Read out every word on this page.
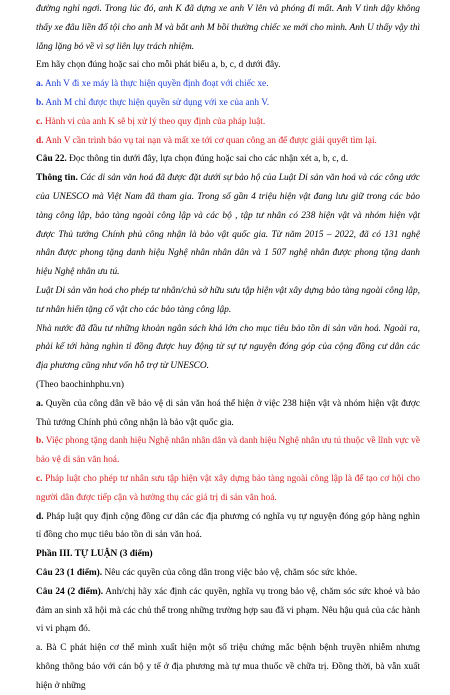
đường nghỉ ngơi. Trong lúc đó, anh K đã dựng xe anh V lên và phóng đi mất. Anh V tình dậy không thấy xe đâu liền đổ tội cho anh M và bắt anh M bồi thường chiếc xe mới cho mình. Anh U thấy vậy thì lẳng lặng bỏ về vì sợ liên lụy trách nhiệm.

Em hãy chọn đúng hoặc sai cho mỗi phát biểu a, b, c, d dưới đây.

a. Anh V đi xe máy là thực hiện quyền định đoạt với chiếc xe.

b. Anh M chỉ được thực hiện quyền sử dụng với xe của anh V.

c. Hành vi của anh K sẽ bị xử lý theo quy định của pháp luật.

d. Anh V cần trình báo vụ tai nạn và mất xe tới cơ quan công an để được giải quyết tìm lại.

Câu 22. Đọc thông tin dưới đây, lựa chọn đúng hoặc sai cho các nhận xét a, b, c, d.

Thông tin. Các di sản văn hoá đã được đặt dưới sự bảo hộ của Luật Di sản văn hoá và các công ước của UNESCO mà Việt Nam đã tham gia. Trong số gần 4 triệu hiện vật đang lưu giữ trong các bảo tàng công lập, bảo tàng ngoài công lập và các bộ , tập tư nhân có 238 hiện vật và nhóm hiện vật được Thủ tướng Chính phủ công nhận là bảo vật quốc gia. Từ năm 2015 – 2022, đã có 131 nghệ nhân được phong tặng danh hiệu Nghệ nhân nhân dân và 1 507 nghệ nhân được phong tặng danh hiệu Nghệ nhân ưu tú.

Luật Di sản văn hoá cho phép tư nhân/chủ sở hữu sưu tập hiện vật xây dựng bảo tàng ngoài công lập, tư nhân hiến tặng cổ vật cho các bảo tàng công lập.

Nhà nước đã đầu tư những khoản ngân sách khá lớn cho mục tiêu bảo tồn di sản văn hoá. Ngoài ra, phải kể tới hàng nghìn tỉ đồng được huy động từ sự tự nguyện đóng góp của cộng đồng cư dân các địa phương cũng như vốn hỗ trợ từ UNESCO.

(Theo baochinhphu.vn)

a. Quyền của công dân về bảo vệ di sản văn hoá thể hiện ở việc 238 hiện vật và nhóm hiện vật được Thủ tướng Chính phủ công nhận là bảo vật quốc gia.

b. Việc phong tặng danh hiệu Nghệ nhân nhân dân và danh hiệu Nghệ nhân ưu tú thuộc về lĩnh vực về bảo vệ di sản văn hoá.

c. Pháp luật cho phép tư nhân sưu tập hiện vật xây dựng bảo tàng ngoài công lập là để tạo cơ hội cho người dân được tiếp cận và hưởng thụ các giá trị di sản văn hoá.

d. Pháp luật quy định cộng đồng cư dân các địa phương có nghĩa vụ tự nguyện đóng góp hàng nghìn tỉ đồng cho mục tiêu bảo tồn di sản văn hoá.

Phần III. TỰ LUẬN (3 điểm)

Câu 23 (1 điểm). Nêu các quyền của công dân trong việc bảo vệ, chăm sóc sức khỏe.

Câu 24 (2 điểm). Anh/chị hãy xác định các quyền, nghĩa vụ trong bảo vệ, chăm sóc sức khoẻ và bảo đảm an sinh xã hội mà các chủ thể trong những trường hợp sau đã vi phạm. Nêu hậu quả của các hành vi vi phạm đó.

a. Bà C phát hiện cơ thể mình xuất hiện một số triệu chứng mắc bệnh bệnh truyền nhiễm nhưng không thông báo với cán bộ y tế ở địa phương mà tự mua thuốc về chữa trị. Đồng thời, bà vẫn xuất hiện ở những
